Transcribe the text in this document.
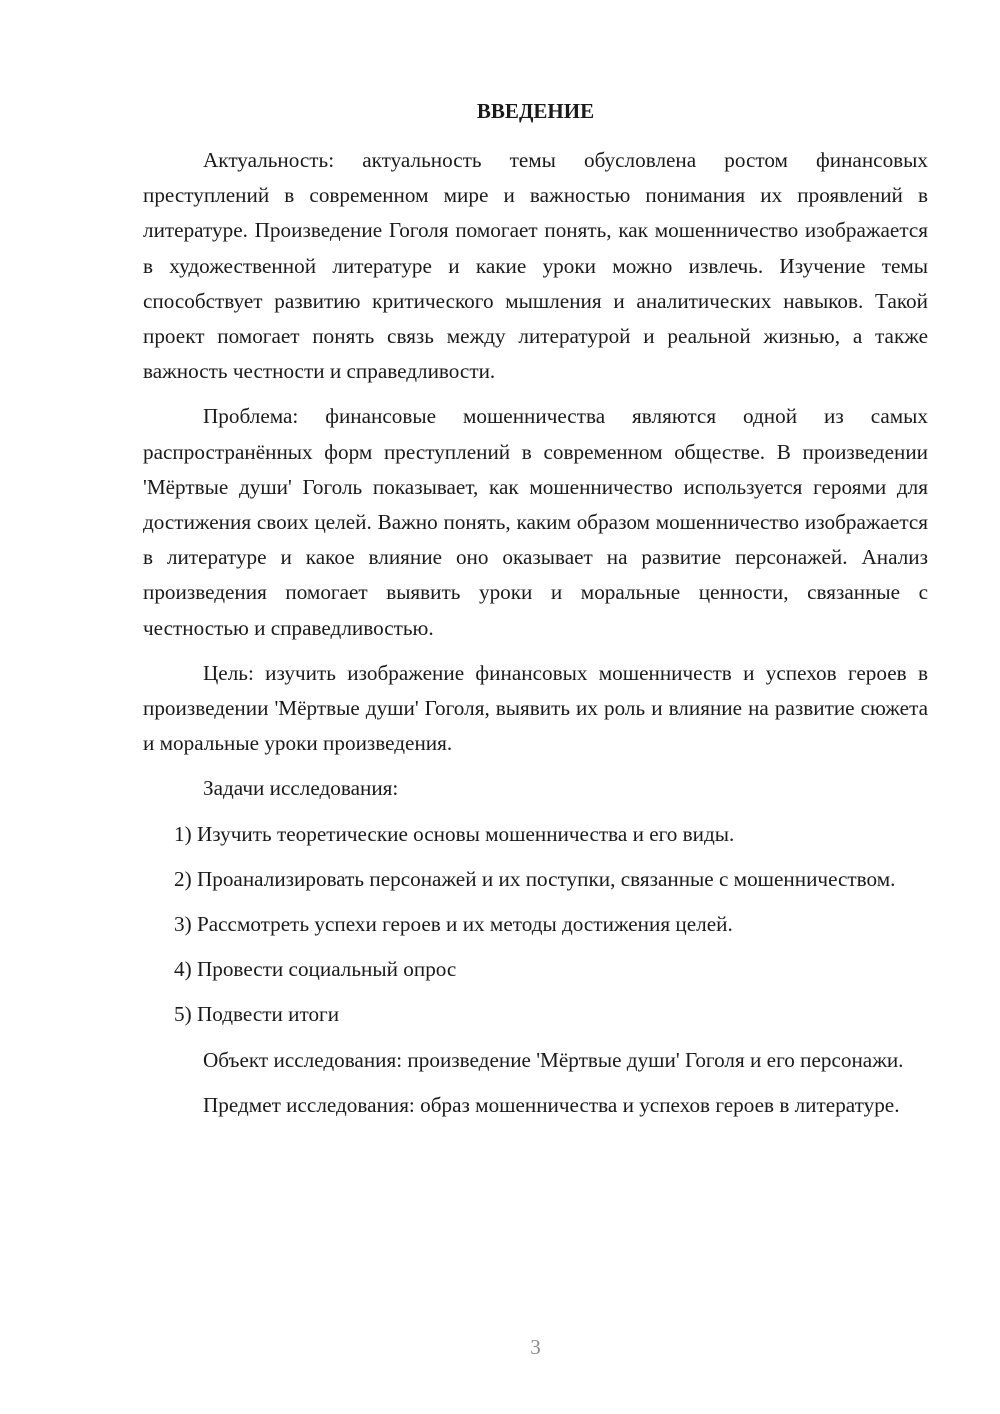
ВВЕДЕНИЕ

Актуальность: актуальность темы обусловлена ростом финансовых преступлений в современном мире и важностью понимания их проявлений в литературе. Произведение Гоголя помогает понять, как мошенничество изображается в художественной литературе и какие уроки можно извлечь. Изучение темы способствует развитию критического мышления и аналитических навыков. Такой проект помогает понять связь между литературой и реальной жизнью, а также важность честности и справедливости.

Проблема: финансовые мошенничества являются одной из самых распространённых форм преступлений в современном обществе. В произведении 'Мёртвые души' Гоголь показывает, как мошенничество используется героями для достижения своих целей. Важно понять, каким образом мошенничество изображается в литературе и какое влияние оно оказывает на развитие персонажей. Анализ произведения помогает выявить уроки и моральные ценности, связанные с честностью и справедливостью.

Цель: изучить изображение финансовых мошенничеств и успехов героев в произведении 'Мёртвые души' Гоголя, выявить их роль и влияние на развитие сюжета и моральные уроки произведения.

Задачи исследования:

1) Изучить теоретические основы мошенничества и его виды.

2) Проанализировать персонажей и их поступки, связанные с мошенничеством.

3) Рассмотреть успехи героев и их методы достижения целей.

4) Провести социальный опрос

5) Подвести итоги

Объект исследования: произведение 'Мёртвые души' Гоголя и его персонажи.

Предмет исследования: образ мошенничества и успехов героев в литературе.

3
